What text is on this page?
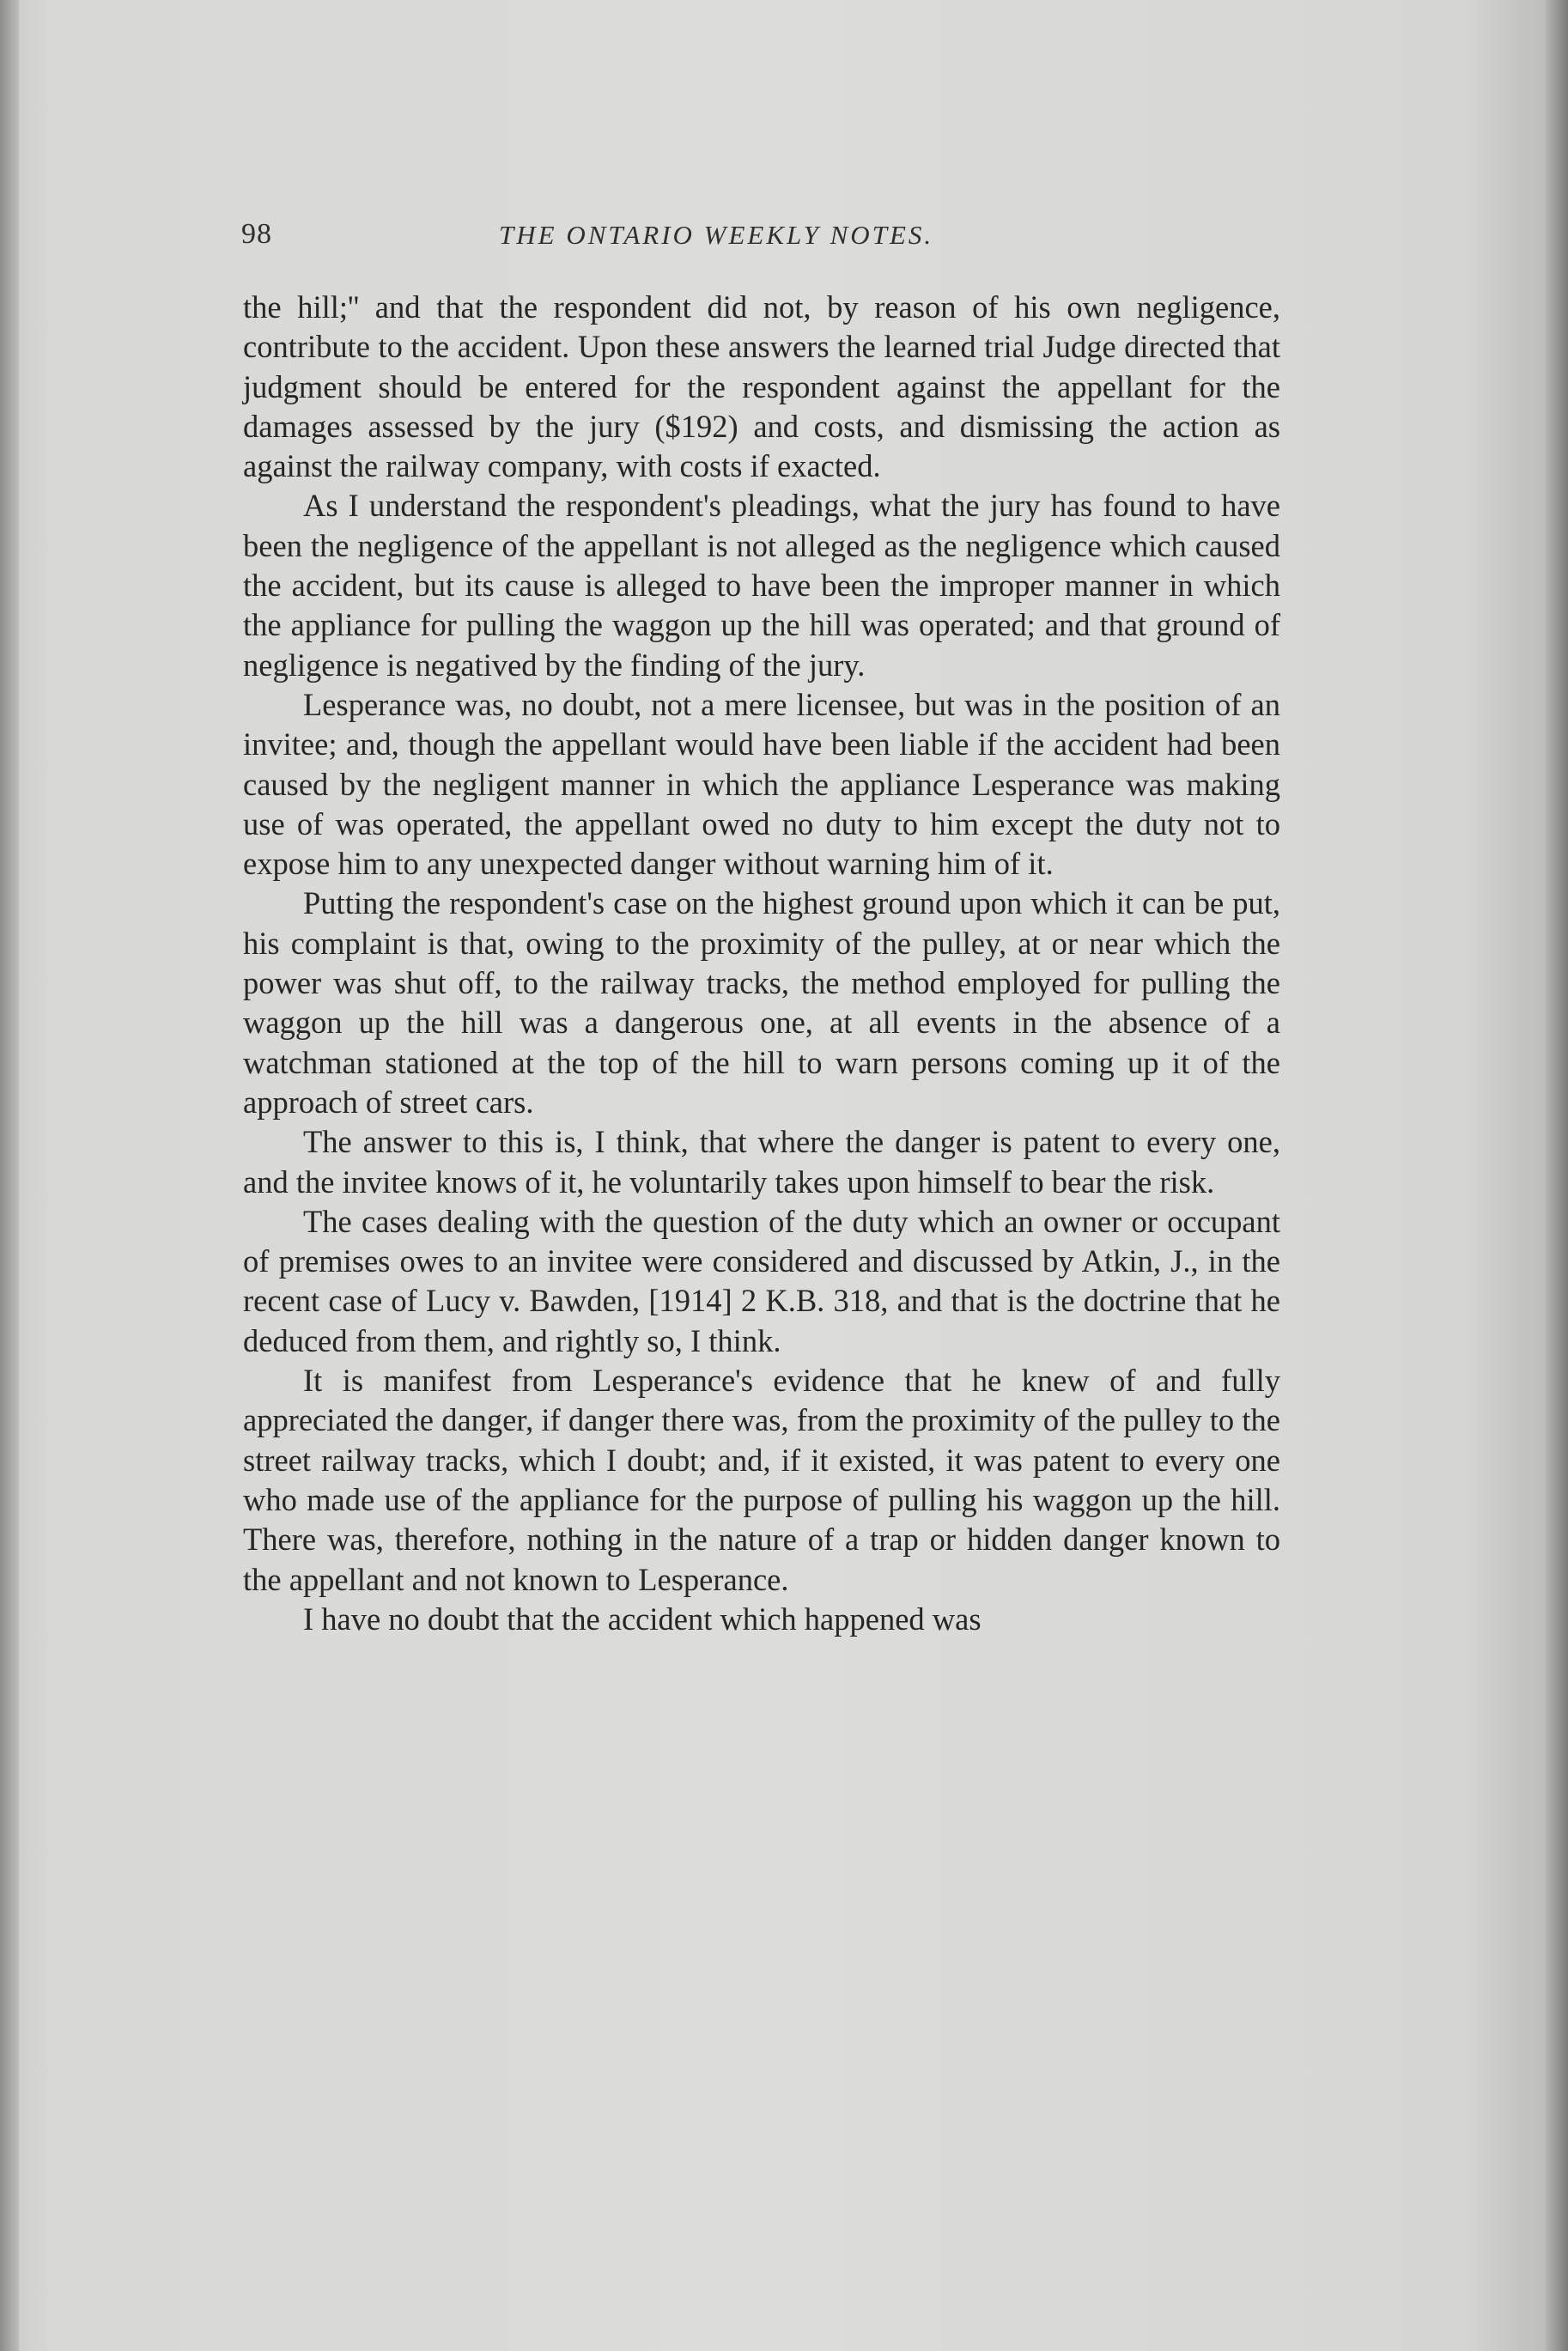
98	THE ONTARIO WEEKLY NOTES.

the hill;'' and that the respondent did not, by reason of his own negligence, contribute to the accident. Upon these answers the learned trial Judge directed that judgment should be entered for the respondent against the appellant for the damages assessed by the jury ($192) and costs, and dismissing the action as against the railway company, with costs if exacted.

As I understand the respondent's pleadings, what the jury has found to have been the negligence of the appellant is not alleged as the negligence which caused the accident, but its cause is alleged to have been the improper manner in which the appliance for pulling the waggon up the hill was operated; and that ground of negligence is negatived by the finding of the jury.

Lesperance was, no doubt, not a mere licensee, but was in the position of an invitee; and, though the appellant would have been liable if the accident had been caused by the negligent manner in which the appliance Lesperance was making use of was operated, the appellant owed no duty to him except the duty not to expose him to any unexpected danger without warning him of it.

Putting the respondent's case on the highest ground upon which it can be put, his complaint is that, owing to the proximity of the pulley, at or near which the power was shut off, to the railway tracks, the method employed for pulling the waggon up the hill was a dangerous one, at all events in the absence of a watchman stationed at the top of the hill to warn persons coming up it of the approach of street cars.

The answer to this is, I think, that where the danger is patent to every one, and the invitee knows of it, he voluntarily takes upon himself to bear the risk.

The cases dealing with the question of the duty which an owner or occupant of premises owes to an invitee were considered and discussed by Atkin, J., in the recent case of Lucy v. Bawden, [1914] 2 K.B. 318, and that is the doctrine that he deduced from them, and rightly so, I think.

It is manifest from Lesperance's evidence that he knew of and fully appreciated the danger, if danger there was, from the proximity of the pulley to the street railway tracks, which I doubt; and, if it existed, it was patent to every one who made use of the appliance for the purpose of pulling his waggon up the hill. There was, therefore, nothing in the nature of a trap or hidden danger known to the appellant and not known to Lesperance.

I have no doubt that the accident which happened was
